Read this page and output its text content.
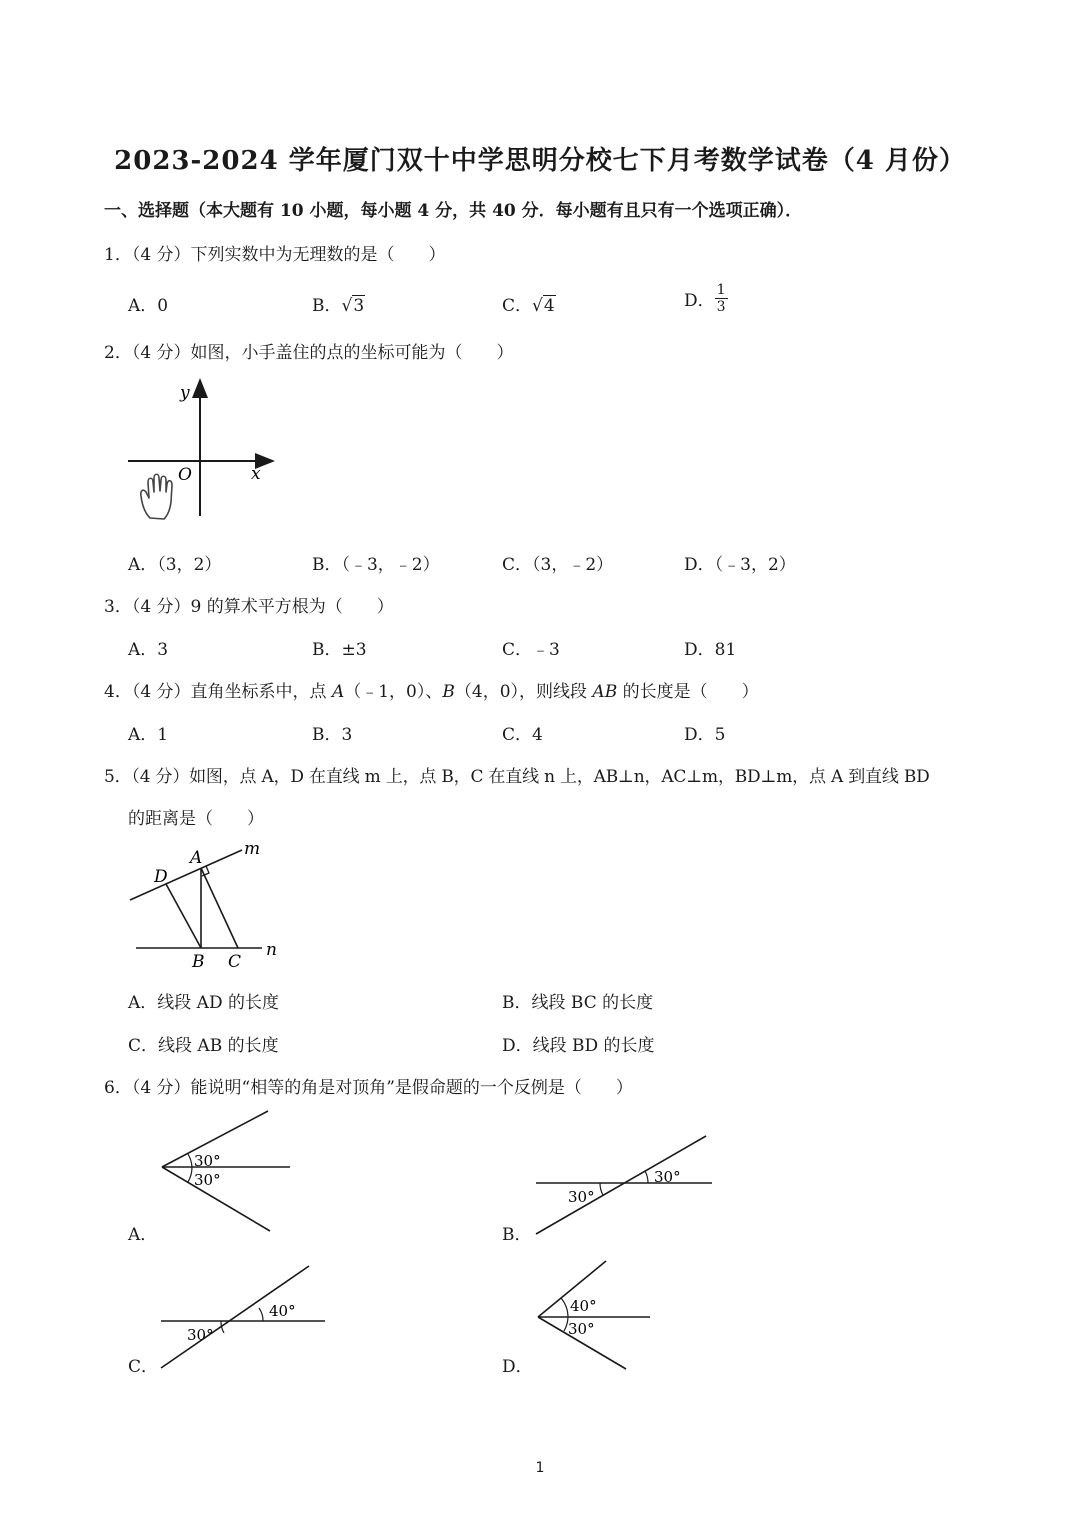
2023-2024 学年厦门双十中学思明分校七下月考数学试卷（4 月份）
一、选择题（本大题有 10 小题，每小题 4 分，共 40 分．每小题有且只有一个选项正确）．
1．（4 分）下列实数中为无理数的是（　　）
A．0	B．√3	C．√4	D． $\frac{1}{3}$
2．（4 分）如图，小手盖住的点的坐标可能为（　　）
y
x
O
A．（3，2）	B．（﹣3，﹣2）	C．（3，﹣2）	D．（﹣3，2）
3．（4 分）9 的算术平方根为（　　）
A．3	B．±3	C．﹣3	D．81
4．（4 分）直角坐标系中，点 A（﹣1，0）、B（4，0），则线段 AB 的长度是（　　）
A．1	B．3	C．4	D．5
5．（4 分）如图，点 A，D 在直线 m 上，点 B，C 在直线 n 上，AB⊥n，AC⊥m，BD⊥m，点 A 到直线 BD
的距离是（　　）
A
D
m
B C
n
A．线段 AD 的长度	B．线段 BC 的长度
C．线段 AB 的长度	D．线段 BD 的长度
6．（4 分）能说明“相等的角是对顶角”是假命题的一个反例是（　　）
30°
30°
A．
30°
30°
B．
40°
30°
C．
40°
30°
D．
1
